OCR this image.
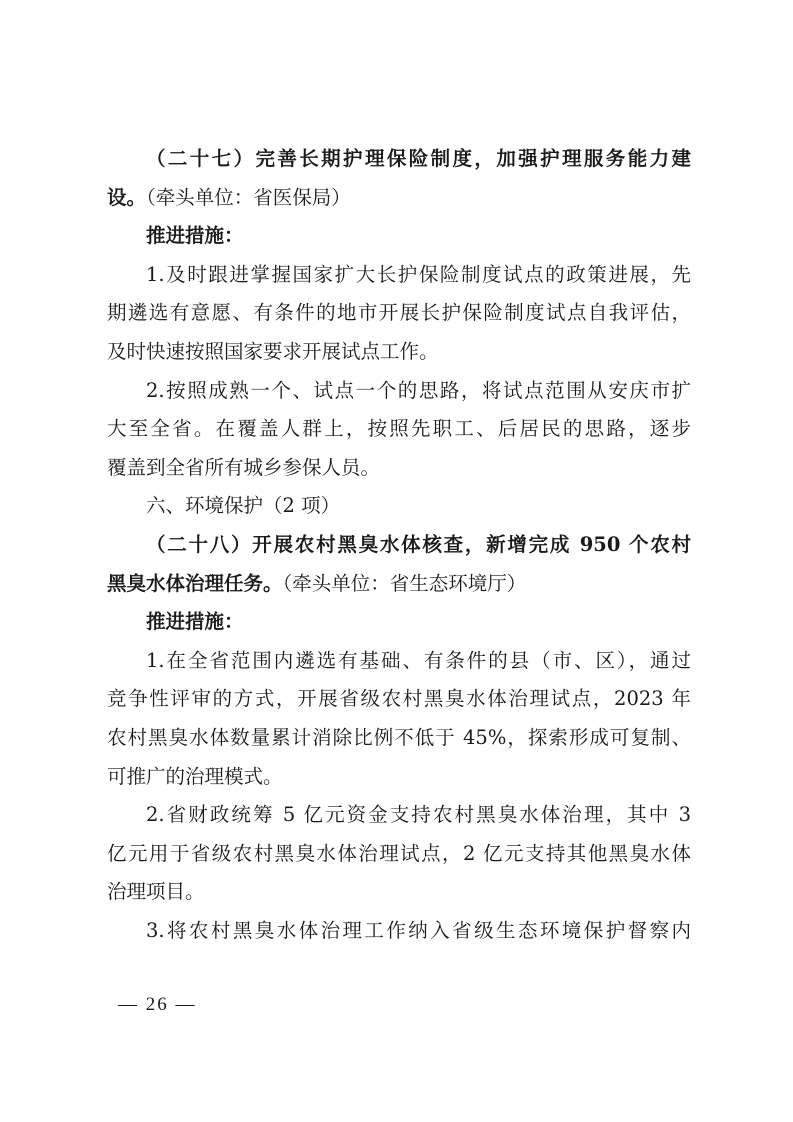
（二十七）完善长期护理保险制度，加强护理服务能力建

设。（牵头单位：省医保局）

推进措施：

1.及时跟进掌握国家扩大长护保险制度试点的政策进展，先

期遴选有意愿、有条件的地市开展长护保险制度试点自我评估，

及时快速按照国家要求开展试点工作。

2.按照成熟一个、试点一个的思路，将试点范围从安庆市扩

大至全省。在覆盖人群上，按照先职工、后居民的思路，逐步

覆盖到全省所有城乡参保人员。

六、环境保护（2 项）

（二十八）开展农村黑臭水体核查，新增完成 950 个农村

黑臭水体治理任务。（牵头单位：省生态环境厅）

推进措施：

1.在全省范围内遴选有基础、有条件的县（市、区），通过

竞争性评审的方式，开展省级农村黑臭水体治理试点，2023 年

农村黑臭水体数量累计消除比例不低于 45%，探索形成可复制、

可推广的治理模式。

2.省财政统筹 5 亿元资金支持农村黑臭水体治理，其中 3

亿元用于省级农村黑臭水体治理试点，2 亿元支持其他黑臭水体

治理项目。

3.将农村黑臭水体治理工作纳入省级生态环境保护督察内

— 26 —
